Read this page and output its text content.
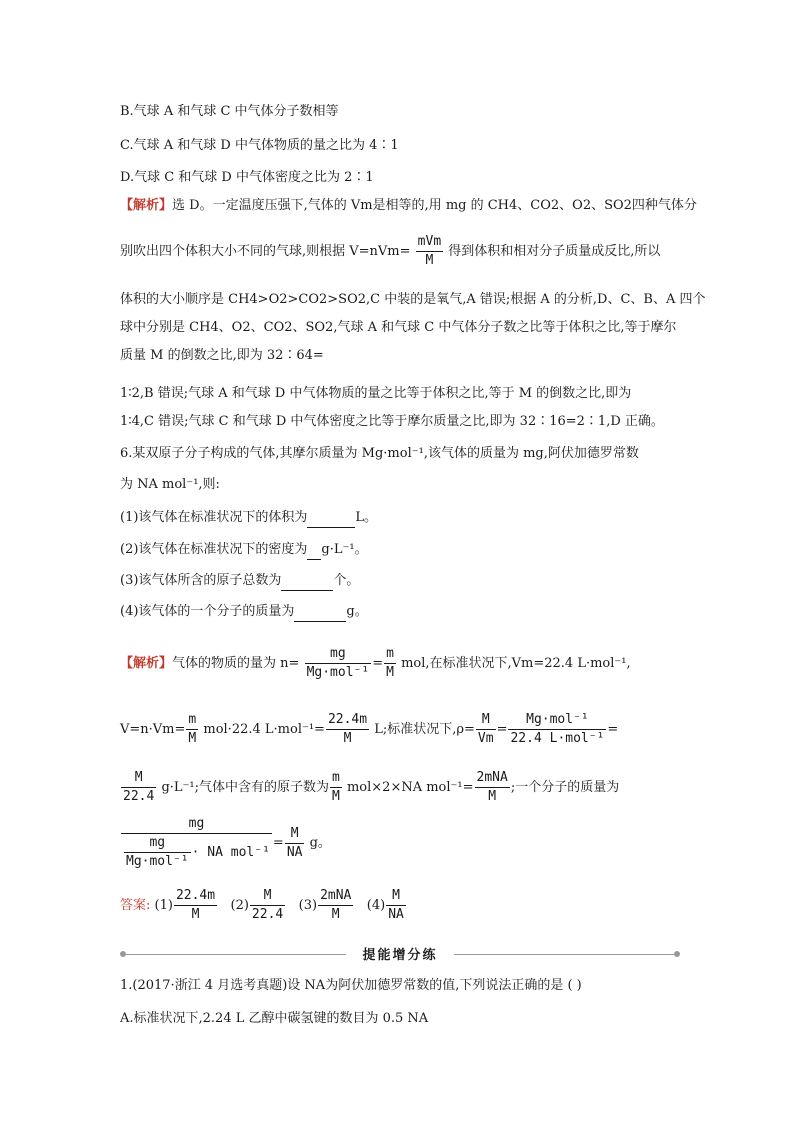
B.气球 A 和气球 C 中气体分子数相等
C.气球 A 和气球 D 中气体物质的量之比为 4∶1
D.气球 C 和气球 D 中气体密度之比为 2∶1
【解析】选 D。一定温度压强下,气体的 Vm是相等的,用 mg 的 CH4、CO2、O2、SO2四种气体分
别吹出四个体积大小不同的气球,则根据 $V=nVm= \frac{\text{mVm}}{M}$ 得到体积和相对分子质量成反比,所以
体积的大小顺序是 CH4>O2>CO2>SO2,C 中装的是氧气,A 错误;根据 A 的分析,D、C、B、A 四个
球中分别是 CH4、O2、CO2、SO2,气球 A 和气球 C 中气体分子数之比等于体积之比,等于摩尔
质量 M 的倒数之比,即为 32∶64=
1∶2,B 错误;气球 A 和气球 D 中气体物质的量之比等于体积之比,等于 M 的倒数之比,即为
1∶4,C 错误;气球 C 和气球 D 中气体密度之比等于摩尔质量之比,即为 32∶16=2∶1,D 正确。
6.某双原子分子构成的气体,其摩尔质量为 Mg·mol⁻¹,该气体的质量为 mg,阿伏加德罗常数
为 NA mol⁻¹,则:
(1)该气体在标准状况下的体积为	L。
(2)该气体在标准状况下的密度为 g·L⁻¹。
(3)该气体所含的原子总数为	个。
(4)该气体的一个分子的质量为	g。
【解析】气体的物质的量为 $n= \frac{mg}{\text{Mg·mol⁻¹}} = \frac{m}{M}$ mol,在标准状况下,Vm=22.4 L·mol⁻¹,
$V=n\cdot Vm= \frac{m}{M} mol\cdot 22.4$ $L\cdot mol^{-1}= \frac{22.4m}{M} L$;标准状况下$,\rho= \frac{M}{Vm} = \frac{\text{Mg·mol⁻¹}}{\text{22.4 L·mol⁻¹}}$ =
$\frac{M}{22.4} g\cdot L^{-1}$;气体中含有的原子数为 $\frac{m}{M} mol\times 2\times NA$ $mol^{-1}= \frac{\text{2mNA}}{M}$ ;一个分子的质量为
$\frac{mg}{\frac{mg}{\text{Mg·mol⁻¹}} \cdot NA mol^{-1}} = \frac{M}{NA}$ g。
答案: $(1) \frac{22.4m}{M} (2) \frac{M}{22.4} (3) \frac{\text{2mNA}}{M} (4) \frac{M}{NA}$
提能增分练
1.(2017·浙江 4 月选考真题)设 NA为阿伏加德罗常数的值,下列说法正确的是 ( )
A.标准状况下,2.24 L 乙醇中碳氢键的数目为 0.5 NA
